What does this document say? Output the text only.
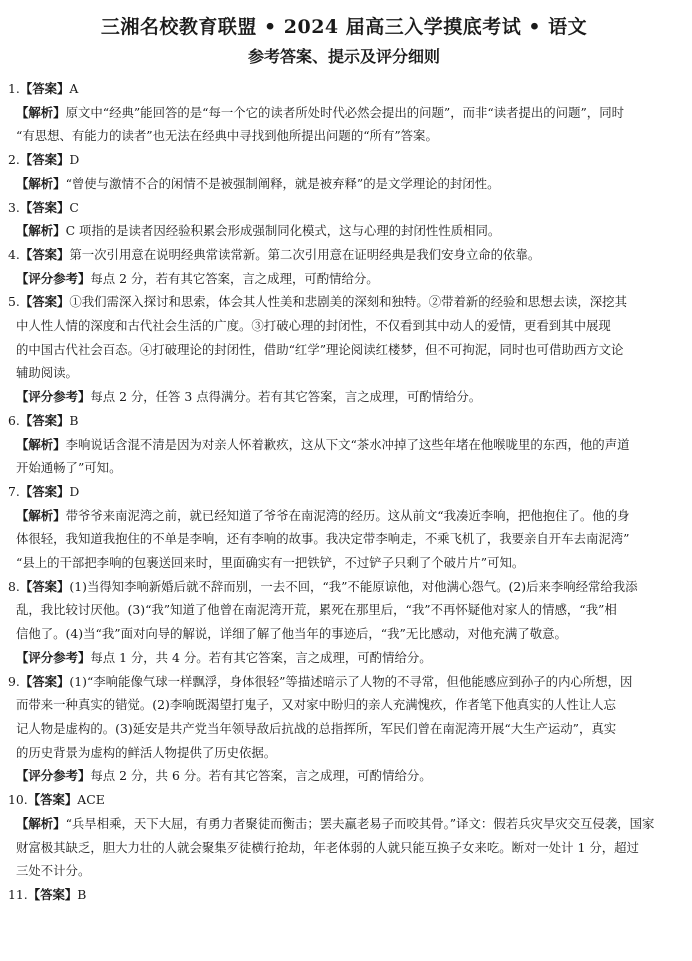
三湘名校教育联盟 • 2024 届高三入学摸底考试 • 语文
参考答案、提示及评分细则

1.【答案】A

【解析】原文中“经典”能回答的是“每一个它的读者所处时代必然会提出的问题”，而非“读者提出的问题”，同时

“有思想、有能力的读者”也无法在经典中寻找到他所提出问题的“所有”答案。

2.【答案】D

【解析】“曾使与激情不合的闲情不是被强制阐释，就是被弃释”的是文学理论的封闭性。

3.【答案】C

【解析】C 项指的是读者因经验积累会形成强制同化模式，这与心理的封闭性性质相同。

4.【答案】第一次引用意在说明经典常读常新。第二次引用意在证明经典是我们安身立命的依靠。

【评分参考】每点 2 分，若有其它答案，言之成理，可酌情给分。

5.【答案】①我们需深入探讨和思索，体会其人性美和悲剧美的深刻和独特。②带着新的经验和思想去读，深挖其

中人性人情的深度和古代社会生活的广度。③打破心理的封闭性，不仅看到其中动人的爱情，更看到其中展现

的中国古代社会百态。④打破理论的封闭性，借助“红学”理论阅读红楼梦，但不可拘泥，同时也可借助西方文论

辅助阅读。

【评分参考】每点 2 分，任答 3 点得满分。若有其它答案，言之成理，可酌情给分。

6.【答案】B

【解析】李响说话含混不清是因为对亲人怀着歉疚，这从下文“茶水冲掉了这些年堵在他喉咙里的东西，他的声道

开始通畅了”可知。

7.【答案】D

【解析】带爷爷来南泥湾之前，就已经知道了爷爷在南泥湾的经历。这从前文“我凑近李响，把他抱住了。他的身

体很轻，我知道我抱住的不单是李响，还有李响的故事。我决定带李响走，不乘飞机了，我要亲自开车去南泥湾”

“县上的干部把李响的包裹送回来时，里面确实有一把铁铲，不过铲子只剩了个破片片”可知。

8.【答案】(1)当得知李响新婚后就不辞而别，一去不回，“我”不能原谅他，对他满心怨气。(2)后来李响经常给我添

乱，我比较讨厌他。(3)“我”知道了他曾在南泥湾开荒，累死在那里后，“我”不再怀疑他对家人的情感，“我”相

信他了。(4)当“我”面对向导的解说，详细了解了他当年的事迹后，“我”无比感动，对他充满了敬意。

【评分参考】每点 1 分，共 4 分。若有其它答案，言之成理，可酌情给分。

9.【答案】(1)“李响能像气球一样飘浮，身体很轻”等描述暗示了人物的不寻常，但他能感应到孙子的内心所想，因

而带来一种真实的错觉。(2)李响既渴望打鬼子，又对家中盼归的亲人充满愧疚，作者笔下他真实的人性让人忘

记人物是虚构的。(3)延安是共产党当年领导敌后抗战的总指挥所，军民们曾在南泥湾开展“大生产运动”，真实

的历史背景为虚构的鲜活人物提供了历史依据。

【评分参考】每点 2 分，共 6 分。若有其它答案，言之成理，可酌情给分。

10.【答案】ACE

【解析】“兵旱相乘，天下大屈，有勇力者聚徒而衡击；罢夫羸老易子而咬其骨。”译文：假若兵灾旱灾交互侵袭，国家

财富极其缺乏，胆大力壮的人就会聚集歹徒横行抢劫，年老体弱的人就只能互换子女来吃。断对一处计 1 分，超过

三处不计分。

11.【答案】B
